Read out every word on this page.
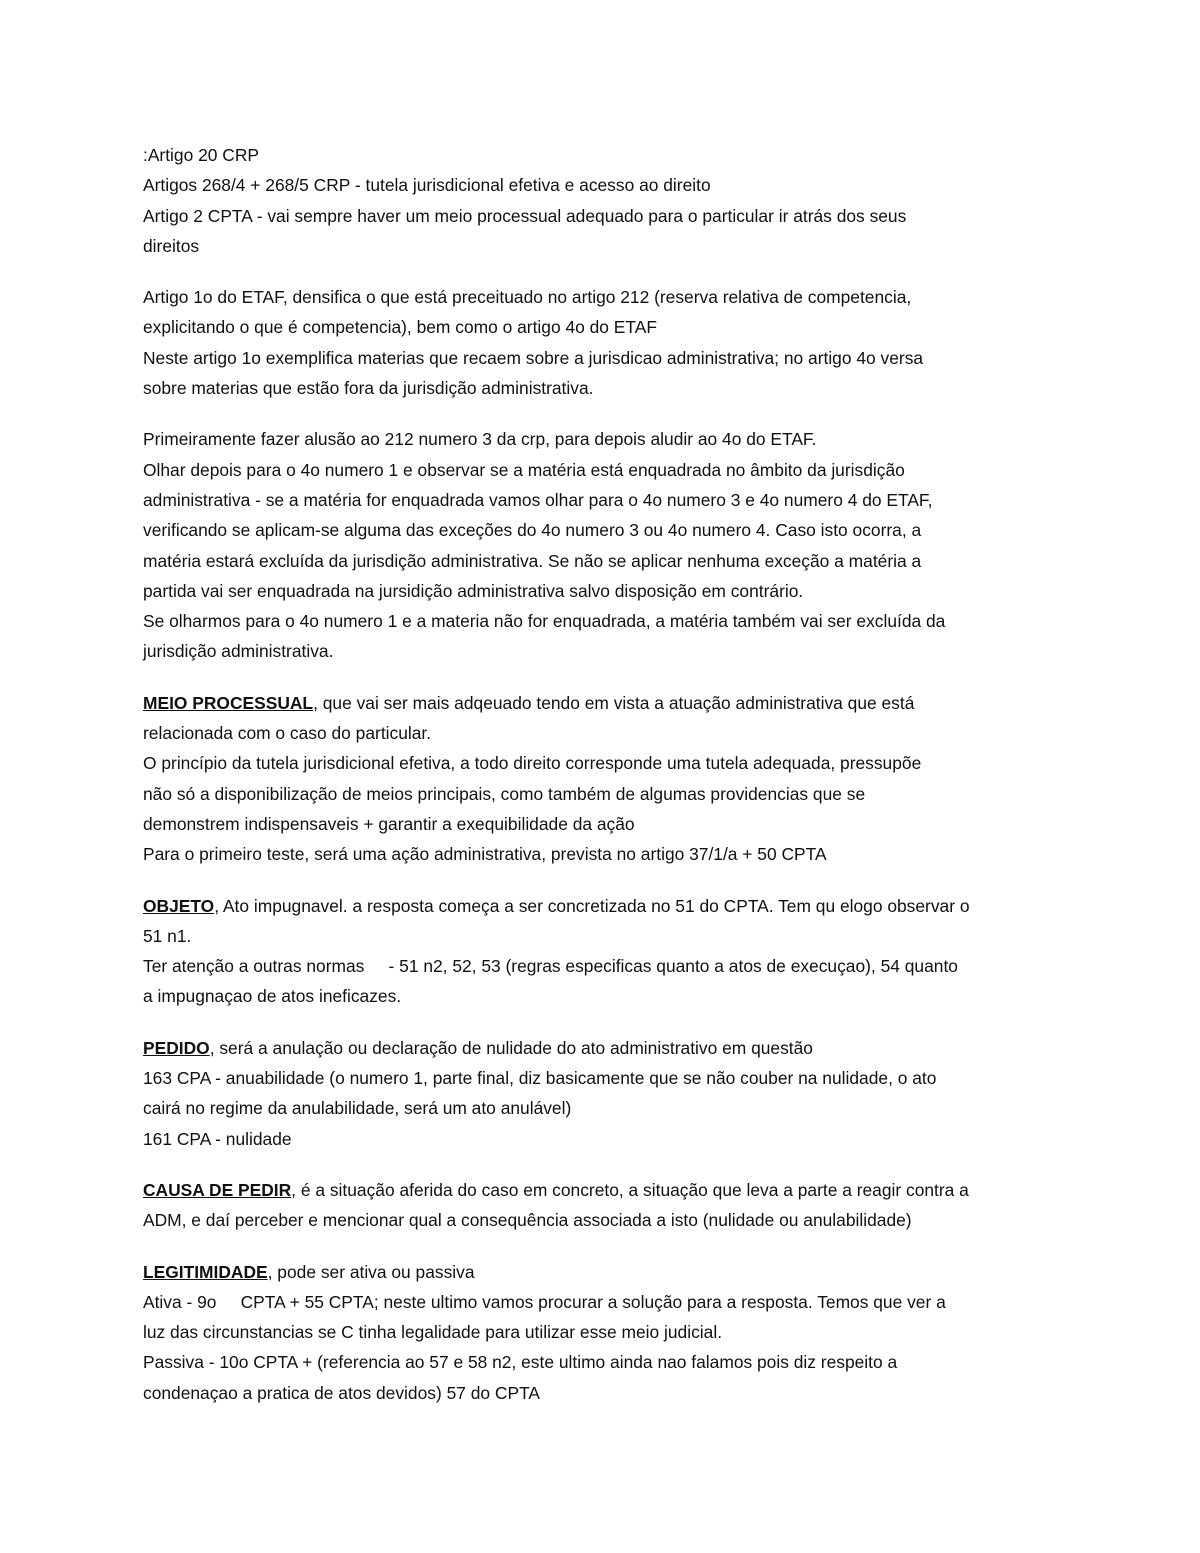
:Artigo 20 CRP
Artigos 268/4 + 268/5 CRP - tutela jurisdicional efetiva e acesso ao direito
Artigo 2 CPTA - vai sempre haver um meio processual adequado para o particular ir atrás dos seus
direitos
Artigo 1o do ETAF, densifica o que está preceituado no artigo 212 (reserva relativa de competencia,
explicitando o que é competencia), bem como o artigo 4o do ETAF
Neste artigo 1o exemplifica materias que recaem sobre a jurisdicao administrativa; no artigo 4o versa
sobre materias que estão fora da jurisdição administrativa.
Primeiramente fazer alusão ao 212 numero 3 da crp, para depois aludir ao 4o do ETAF.
Olhar depois para o 4o numero 1 e observar se a matéria está enquadrada no âmbito da jurisdição
administrativa - se a matéria for enquadrada vamos olhar para o 4o numero 3 e 4o numero 4 do ETAF,
verificando se aplicam-se alguma das exceções do 4o numero 3 ou 4o numero 4. Caso isto ocorra, a
matéria estará excluída da jurisdição administrativa. Se não se aplicar nenhuma exceção a matéria a
partida vai ser enquadrada na jursidição administrativa salvo disposição em contrário.
Se olharmos para o 4o numero 1 e a materia não for enquadrada, a matéria também vai ser excluída da
jurisdição administrativa.
MEIO PROCESSUAL, que vai ser mais adqeuado tendo em vista a atuação administrativa que está
relacionada com o caso do particular.
O princípio da tutela jurisdicional efetiva, a todo direito corresponde uma tutela adequada, pressupõe
não só a disponibilização de meios principais, como também de algumas providencias que se
demonstrem indispensaveis + garantir a exequibilidade da ação
Para o primeiro teste, será uma ação administrativa, prevista no artigo 37/1/a + 50 CPTA
OBJETO, Ato impugnavel. a resposta começa a ser concretizada no 51 do CPTA. Tem qu elogo observar o
51 n1.
Ter atenção a outras normas     - 51 n2, 52, 53 (regras especificas quanto a atos de execuçao), 54 quanto
a impugnaçao de atos ineficazes.
PEDIDO, será a anulação ou declaração de nulidade do ato administrativo em questão
163 CPA - anuabilidade (o numero 1, parte final, diz basicamente que se não couber na nulidade, o ato
cairá no regime da anulabilidade, será um ato anulável)
161 CPA - nulidade
CAUSA DE PEDIR, é a situação aferida do caso em concreto, a situação que leva a parte a reagir contra a
ADM, e daí perceber e mencionar qual a consequência associada a isto (nulidade ou anulabilidade)
LEGITIMIDADE, pode ser ativa ou passiva
Ativa - 9o     CPTA + 55 CPTA; neste ultimo vamos procurar a solução para a resposta. Temos que ver a
luz das circunstancias se C tinha legalidade para utilizar esse meio judicial.
Passiva - 10o CPTA + (referencia ao 57 e 58 n2, este ultimo ainda nao falamos pois diz respeito a
condenaçao a pratica de atos devidos) 57 do CPTA
